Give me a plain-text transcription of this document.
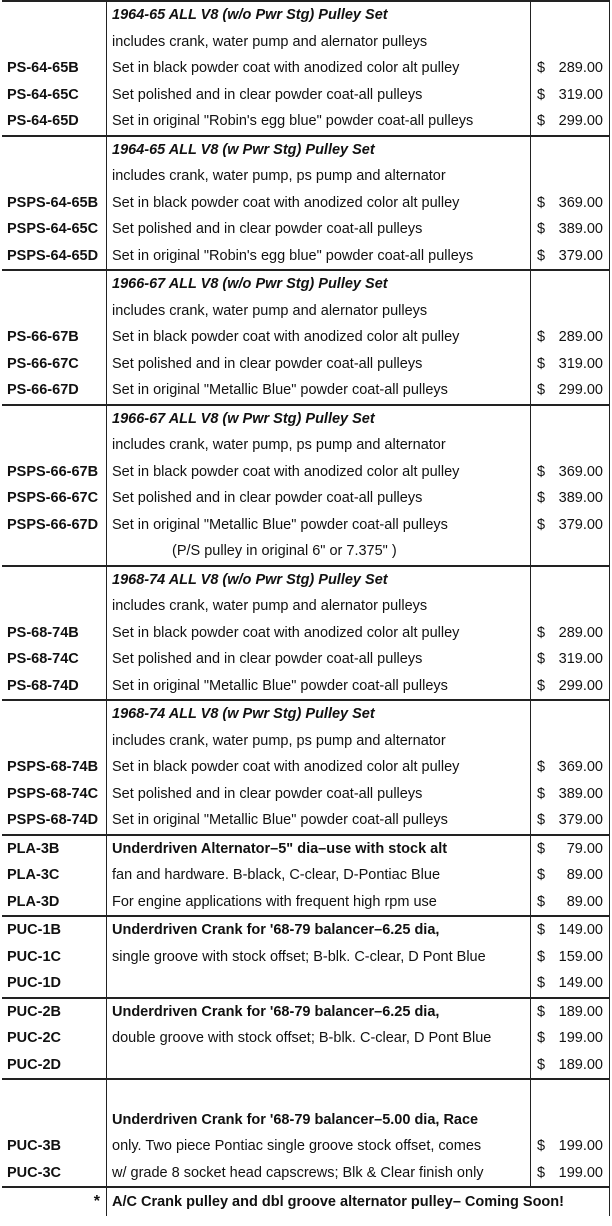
1964-65 ALL V8 (w/o Pwr Stg) Pulley Set
includes crank, water pump and alernator pulleys
PS-64-65B	Set in black powder coat with anodized color alt pulley	$ 289.00
PS-64-65C	Set polished and in clear powder coat-all pulleys	$ 319.00
PS-64-65D	Set in original "Robin's egg blue" powder coat-all pulleys	$ 299.00
1964-65 ALL V8 (w Pwr Stg) Pulley Set
includes crank, water pump, ps pump and alternator
PSPS-64-65B Set in black powder coat with anodized color alt pulley	$ 369.00
PSPS-64-65C Set polished and in clear powder coat-all pulleys	$ 389.00
PSPS-64-65D Set in original "Robin's egg blue" powder coat-all pulleys	$ 379.00
1966-67 ALL V8 (w/o Pwr Stg) Pulley Set
includes crank, water pump and alernator pulleys
PS-66-67B	Set in black powder coat with anodized color alt pulley	$ 289.00
PS-66-67C	Set polished and in clear powder coat-all pulleys	$ 319.00
PS-66-67D	Set in original "Metallic Blue" powder coat-all pulleys	$ 299.00
1966-67 ALL V8 (w Pwr Stg) Pulley Set
includes crank, water pump, ps pump and alternator
PSPS-66-67B Set in black powder coat with anodized color alt pulley	$ 369.00
PSPS-66-67C Set polished and in clear powder coat-all pulleys	$ 389.00
PSPS-66-67D Set in original "Metallic Blue" powder coat-all pulleys	$ 379.00
(P/S pulley in original 6" or 7.375" )
1968-74 ALL V8 (w/o Pwr Stg) Pulley Set
includes crank, water pump and alernator pulleys
PS-68-74B	Set in black powder coat with anodized color alt pulley	$ 289.00
PS-68-74C	Set polished and in clear powder coat-all pulleys	$ 319.00
PS-68-74D	Set in original "Metallic Blue" powder coat-all pulleys	$ 299.00
1968-74 ALL V8 (w Pwr Stg) Pulley Set
includes crank, water pump, ps pump and alternator
PSPS-68-74B Set in black powder coat with anodized color alt pulley	$ 369.00
PSPS-68-74C Set polished and in clear powder coat-all pulleys	$ 389.00
PSPS-68-74D Set in original "Metallic Blue" powder coat-all pulleys	$ 379.00
PLA-3B	Underdriven Alternator–5" dia–use with stock alt	$ 79.00
PLA-3C	fan and hardware. B-black, C-clear, D-Pontiac Blue	$ 89.00
PLA-3D	For engine applications with frequent high rpm use	$ 89.00
PUC-1B	Underdriven Crank for '68-79 balancer–6.25 dia,	$ 149.00
PUC-1C	single groove with stock offset; B-blk. C-clear, D Pont Blue	$ 159.00
PUC-1D	$ 149.00
PUC-2B	Underdriven Crank for '68-79 balancer–6.25 dia,	$ 189.00
PUC-2C	double groove with stock offset; B-blk. C-clear, D Pont Blue	$ 199.00
PUC-2D	$ 189.00
Underdriven Crank for '68-79 balancer–5.00 dia, Race
PUC-3B	only. Two piece Pontiac single groove stock offset, comes	$ 199.00
PUC-3C	w/ grade 8 socket head capscrews; Blk & Clear finish only	$ 199.00
* A/C Crank pulley and dbl groove alternator pulley– Coming Soon!
